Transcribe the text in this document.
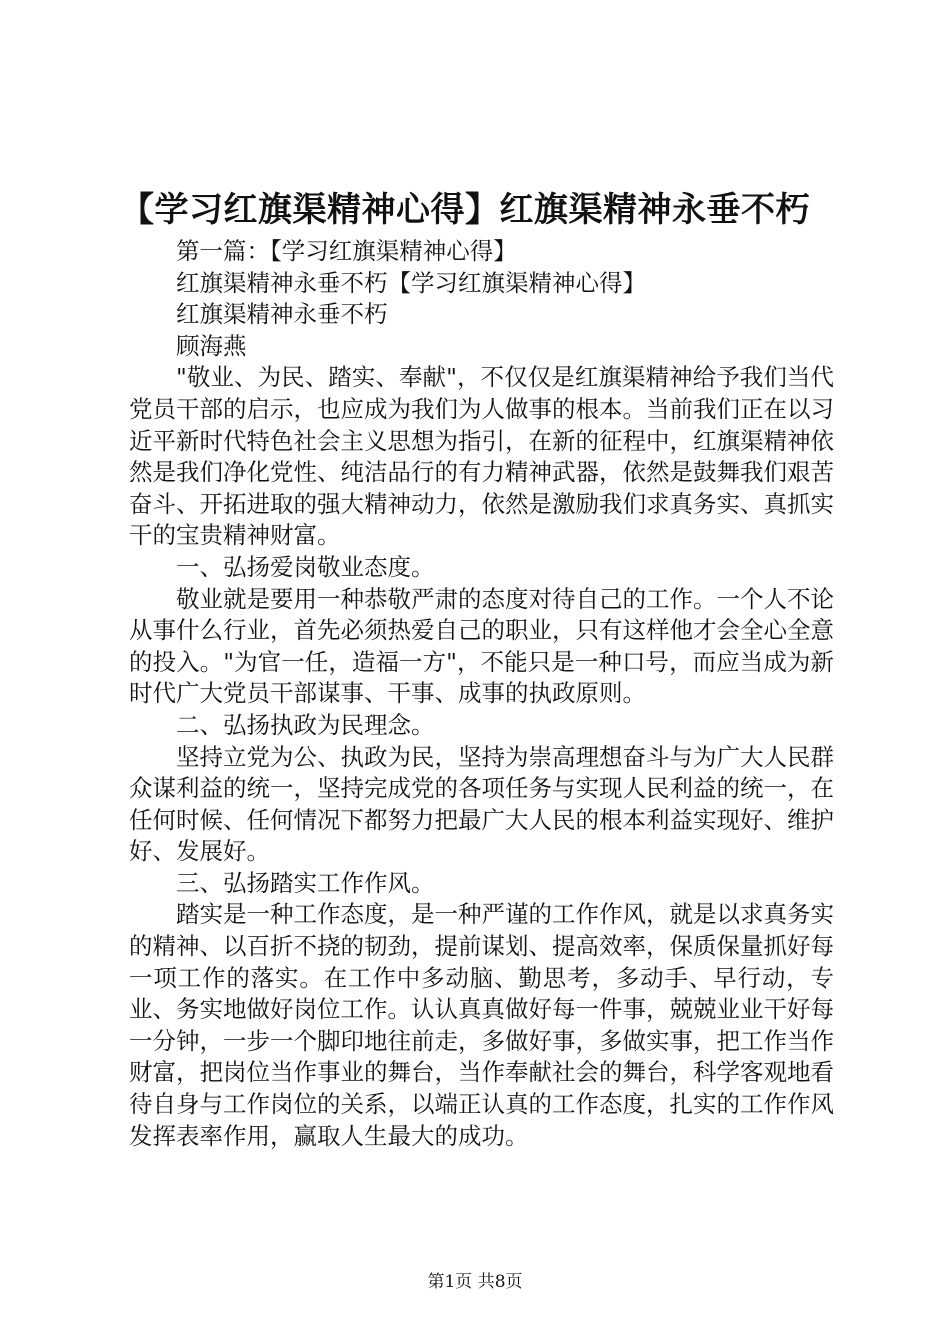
【学习红旗渠精神心得】红旗渠精神永垂不朽

第一篇：【学习红旗渠精神心得】

红旗渠精神永垂不朽【学习红旗渠精神心得】

红旗渠精神永垂不朽

顾海燕

"敬业、为民、踏实、奉献"，不仅仅是红旗渠精神给予我们当代党员干部的启示，也应成为我们为人做事的根本。当前我们正在以习近平新时代特色社会主义思想为指引，在新的征程中，红旗渠精神依然是我们净化党性、纯洁品行的有力精神武器，依然是鼓舞我们艰苦奋斗、开拓进取的强大精神动力，依然是激励我们求真务实、真抓实干的宝贵精神财富。

一、弘扬爱岗敬业态度。

敬业就是要用一种恭敬严肃的态度对待自己的工作。一个人不论从事什么行业，首先必须热爱自己的职业，只有这样他才会全心全意的投入。"为官一任，造福一方"，不能只是一种口号，而应当成为新时代广大党员干部谋事、干事、成事的执政原则。

二、弘扬执政为民理念。

坚持立党为公、执政为民，坚持为崇高理想奋斗与为广大人民群众谋利益的统一，坚持完成党的各项任务与实现人民利益的统一，在任何时候、任何情况下都努力把最广大人民的根本利益实现好、维护好、发展好。

三、弘扬踏实工作作风。

踏实是一种工作态度，是一种严谨的工作作风，就是以求真务实的精神、以百折不挠的韧劲，提前谋划、提高效率，保质保量抓好每一项工作的落实。在工作中多动脑、勤思考，多动手、早行动，专业、务实地做好岗位工作。认认真真做好每一件事，兢兢业业干好每一分钟，一步一个脚印地往前走，多做好事，多做实事，把工作当作财富，把岗位当作事业的舞台，当作奉献社会的舞台，科学客观地看待自身与工作岗位的关系，以端正认真的工作态度，扎实的工作作风发挥表率作用，赢取人生最大的成功。

第1页 共8页
